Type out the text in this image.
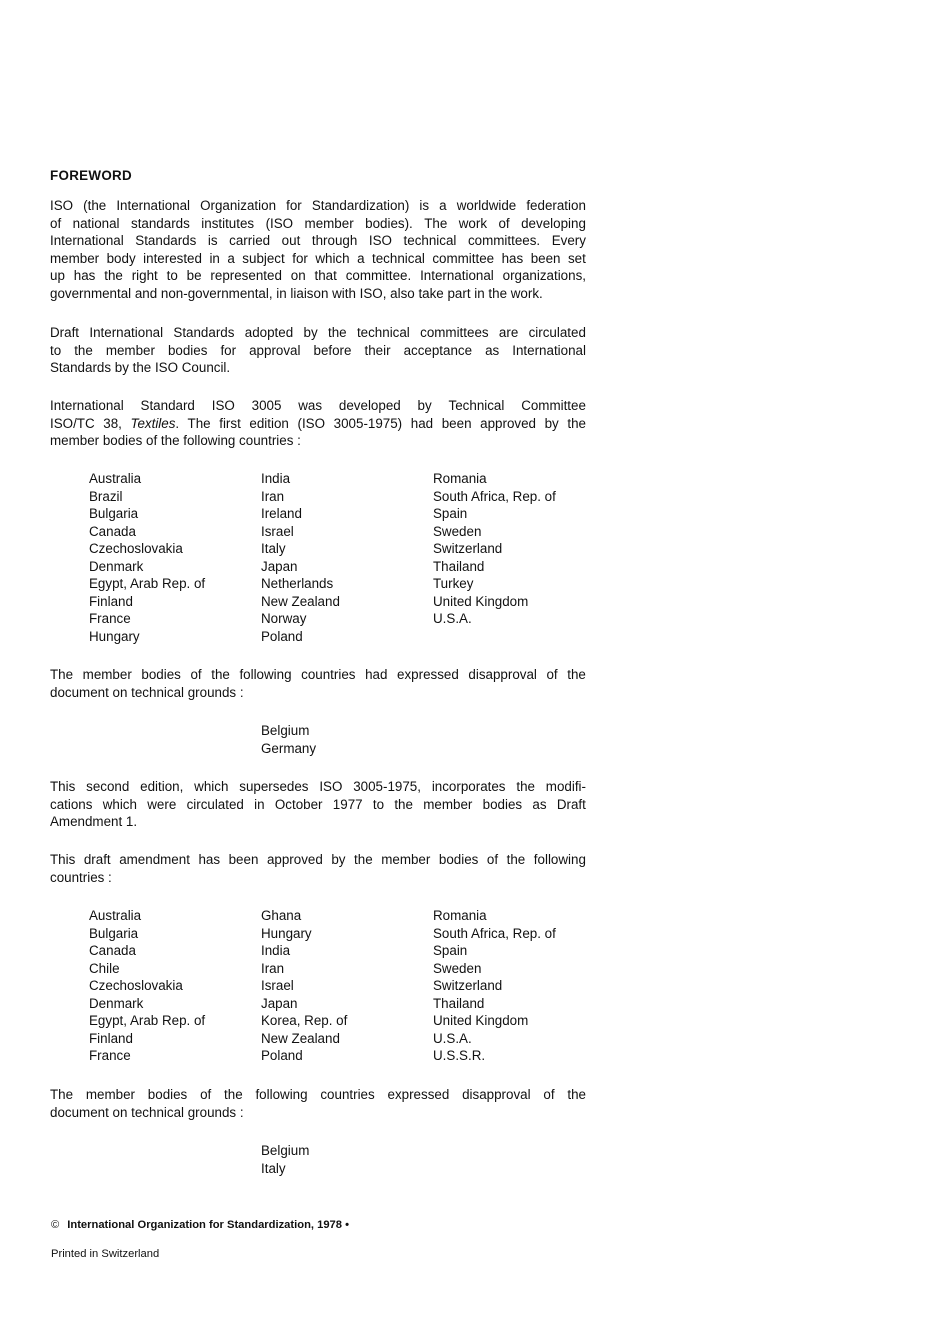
FOREWORD
ISO (the International Organization for Standardization) is a worldwide federation
of national standards institutes (ISO member bodies). The work of developing
International Standards is carried out through ISO technical committees. Every
member body interested in a subject for which a technical committee has been set
up has the right to be represented on that committee. International organizations,
governmental and non-governmental, in liaison with ISO, also take part in the work.
Draft International Standards adopted by the technical committees are circulated
to the member bodies for approval before their acceptance as International
Standards by the ISO Council.
International Standard ISO 3005 was developed by Technical Committee
ISO/TC 38, Textiles. The first edition (ISO 3005-1975) had been approved by the
member bodies of the following countries :
Australia
Brazil
Bulgaria
Canada
Czechoslovakia
Denmark
Egypt, Arab Rep. of
Finland
France
Hungary
India
Iran
Ireland
Israel
Italy
Japan
Netherlands
New Zealand
Norway
Poland
Romania
South Africa, Rep. of
Spain
Sweden
Switzerland
Thailand
Turkey
United Kingdom
U.S.A.
The member bodies of the following countries had expressed disapproval of the
document on technical grounds :
Belgium
Germany
This second edition, which supersedes ISO 3005-1975, incorporates the modifi-
cations which were circulated in October 1977 to the member bodies as Draft
Amendment 1.
This draft amendment has been approved by the member bodies of the following
countries :
Australia
Bulgaria
Canada
Chile
Czechoslovakia
Denmark
Egypt, Arab Rep. of
Finland
France
Ghana
Hungary
India
Iran
Israel
Japan
Korea, Rep. of
New Zealand
Poland
Romania
South Africa, Rep. of
Spain
Sweden
Switzerland
Thailand
United Kingdom
U.S.A.
U.S.S.R.
The member bodies of the following countries expressed disapproval of the
document on technical grounds :
Belgium
Italy
© International Organization for Standardization, 1978 •
Printed in Switzerland
